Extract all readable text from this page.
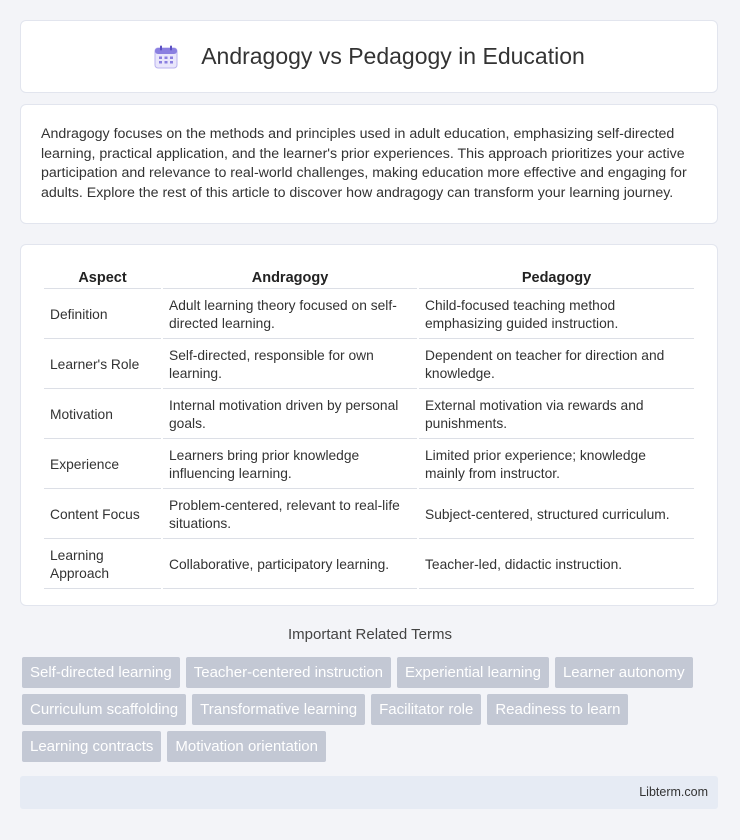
Andragogy vs Pedagogy in Education

Andragogy focuses on the methods and principles used in adult education, emphasizing self-directed learning, practical application, and the learner's prior experiences. This approach prioritizes your active participation and relevance to real-world challenges, making education more effective and engaging for adults. Explore the rest of this article to discover how andragogy can transform your learning journey.

Aspect	Andragogy	Pedagogy
Definition	Adult learning theory focused on self-directed learning.	Child-focused teaching method emphasizing guided instruction.
Learner's Role	Self-directed, responsible for own learning.	Dependent on teacher for direction and knowledge.
Motivation	Internal motivation driven by personal goals.	External motivation via rewards and punishments.
Experience	Learners bring prior knowledge influencing learning.	Limited prior experience; knowledge mainly from instructor.
Content Focus	Problem-centered, relevant to real-life situations.	Subject-centered, structured curriculum.
Learning Approach	Collaborative, participatory learning.	Teacher-led, didactic instruction.
Important Related Terms
Self-directed learning	Teacher-centered instruction	Experiential learning	Learner autonomy
Curriculum scaffolding	Transformative learning	Facilitator role	Readiness to learn
Learning contracts	Motivation orientation
Libterm.com
